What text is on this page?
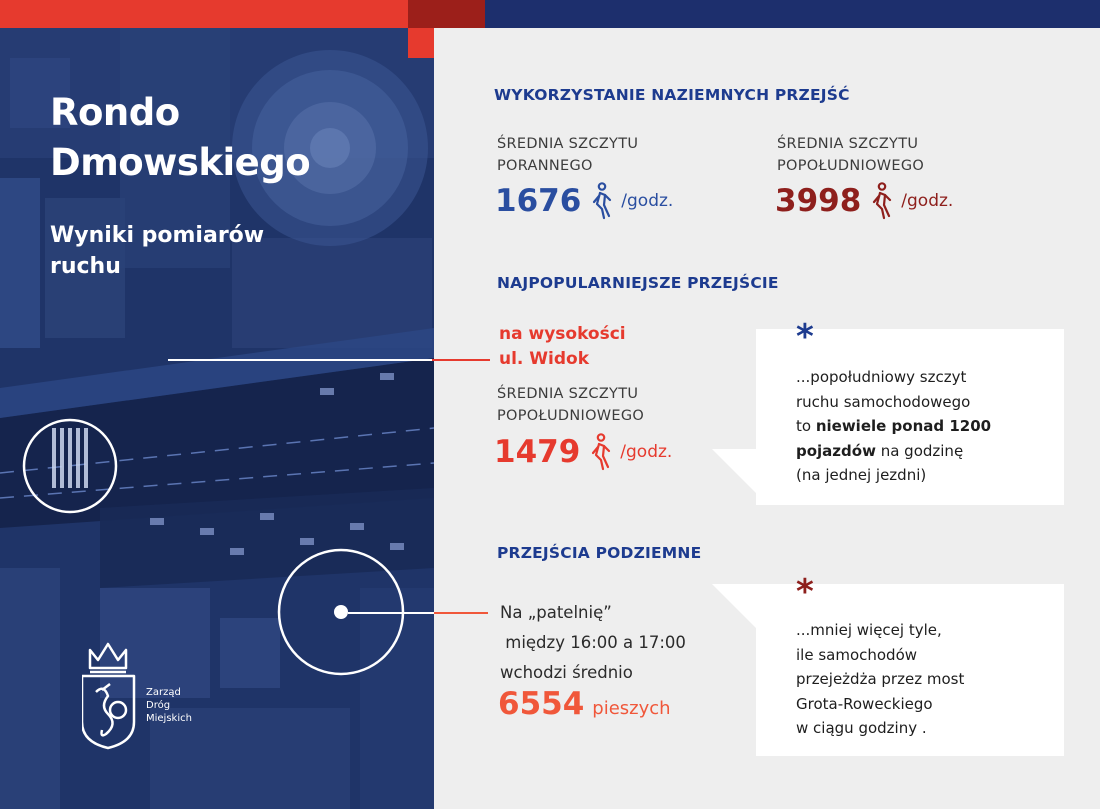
Rondo Dmowskiego
Wyniki pomiarów
ruchu
Zarząd
Dróg
Miejskich
WYKORZYSTANIE NAZIEMNYCH PRZEJŚĆ
ŚREDNIA SZCZYTU
PORANNEGO
1676 /godz.
ŚREDNIA SZCZYTU
POPOŁUDNIOWEGO
3998 /godz.
NAJPOPULARNIEJSZE PRZEJŚCIE
na wysokości
ul. Widok
ŚREDNIA SZCZYTU
POPOŁUDNIOWEGO
1479 /godz.
*
...popołudniowy szczyt
ruchu samochodowego
to niewiele ponad 1200
pojazdów na godzinę
(na jednej jezdni)
PRZEJŚCIA PODZIEMNE
Na „patelnię”
między 16:00 a 17:00
wchodzi średnio
6554 pieszych
*
...mniej więcej tyle,
ile samochodów
przejeżdża przez most
Grota-Roweckiego
w ciągu godziny .
